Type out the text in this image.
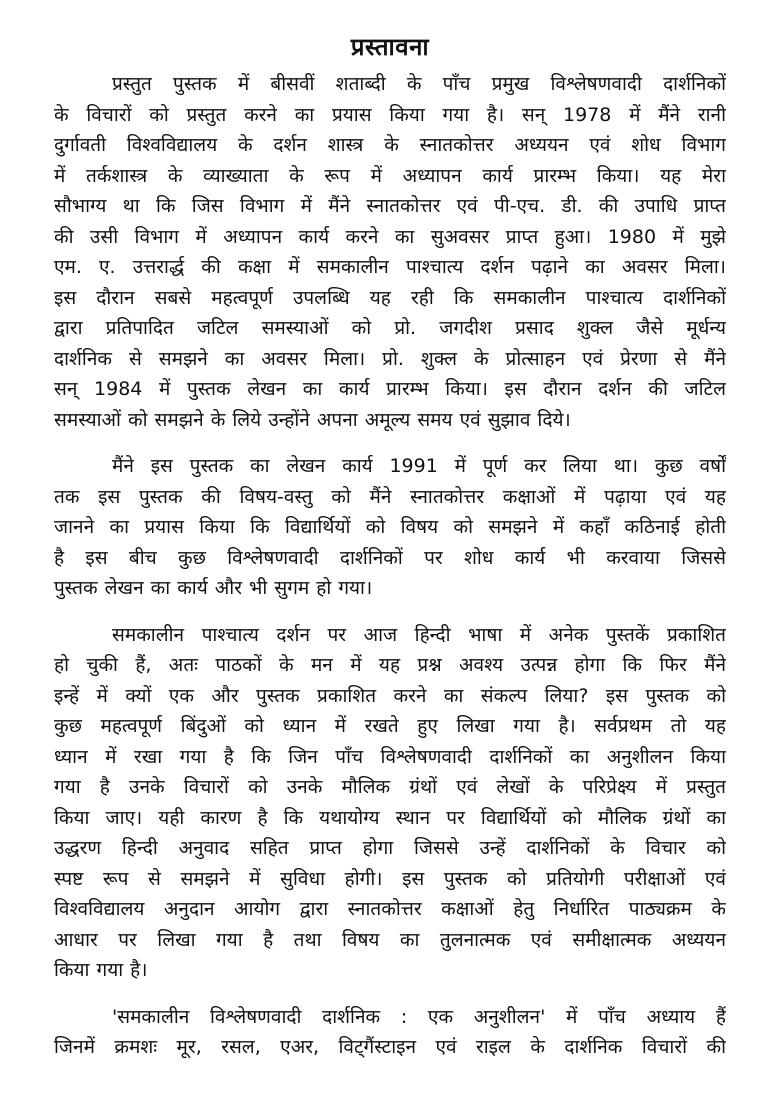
प्रस्तावना
प्रस्तुत पुस्तक में बीसवीं शताब्दी के पाँच प्रमुख विश्लेषणवादी दार्शनिकों
के विचारों को प्रस्तुत करने का प्रयास किया गया है। सन् 1978 में मैंने रानी
दुर्गावती विश्वविद्यालय के दर्शन शास्त्र के स्नातकोत्तर अध्ययन एवं शोध विभाग
में तर्कशास्त्र के व्याख्याता के रूप में अध्यापन कार्य प्रारम्भ किया। यह मेरा
सौभाग्य था कि जिस विभाग में मैंने स्नातकोत्तर एवं पी-एच. डी. की उपाधि प्राप्त
की उसी विभाग में अध्यापन कार्य करने का सुअवसर प्राप्त हुआ। 1980 में मुझे
एम. ए. उत्तरार्द्ध की कक्षा में समकालीन पाश्चात्य दर्शन पढ़ाने का अवसर मिला।
इस दौरान सबसे महत्वपूर्ण उपलब्धि यह रही कि समकालीन पाश्चात्य दार्शनिकों
द्वारा प्रतिपादित जटिल समस्याओं को प्रो. जगदीश प्रसाद शुक्ल जैसे मूर्धन्य
दार्शनिक से समझने का अवसर मिला। प्रो. शुक्ल के प्रोत्साहन एवं प्रेरणा से मैंने
सन् 1984 में पुस्तक लेखन का कार्य प्रारम्भ किया। इस दौरान दर्शन की जटिल
समस्याओं को समझने के लिये उन्होंने अपना अमूल्य समय एवं सुझाव दिये।
मैंने इस पुस्तक का लेखन कार्य 1991 में पूर्ण कर लिया था। कुछ वर्षों
तक इस पुस्तक की विषय-वस्तु को मैंने स्नातकोत्तर कक्षाओं में पढ़ाया एवं यह
जानने का प्रयास किया कि विद्यार्थियों को विषय को समझने में कहाँ कठिनाई होती
है इस बीच कुछ विश्लेषणवादी दार्शनिकों पर शोध कार्य भी करवाया जिससे
पुस्तक लेखन का कार्य और भी सुगम हो गया।
समकालीन पाश्चात्य दर्शन पर आज हिन्दी भाषा में अनेक पुस्तकें प्रकाशित
हो चुकी हैं, अतः पाठकों के मन में यह प्रश्न अवश्य उत्पन्न होगा कि फिर मैंने
इन्हें में क्यों एक और पुस्तक प्रकाशित करने का संकल्प लिया? इस पुस्तक को
कुछ महत्वपूर्ण बिंदुओं को ध्यान में रखते हुए लिखा गया है। सर्वप्रथम तो यह
ध्यान में रखा गया है कि जिन पाँच विश्लेषणवादी दार्शनिकों का अनुशीलन किया
गया है उनके विचारों को उनके मौलिक ग्रंथों एवं लेखों के परिप्रेक्ष्य में प्रस्तुत
किया जाए। यही कारण है कि यथायोग्य स्थान पर विद्यार्थियों को मौलिक ग्रंथों का
उद्धरण हिन्दी अनुवाद सहित प्राप्त होगा जिससे उन्हें दार्शनिकों के विचार को
स्पष्ट रूप से समझने में सुविधा होगी। इस पुस्तक को प्रतियोगी परीक्षाओं एवं
विश्वविद्यालय अनुदान आयोग द्वारा स्नातकोत्तर कक्षाओं हेतु निर्धारित पाठ्यक्रम के
आधार पर लिखा गया है तथा विषय का तुलनात्मक एवं समीक्षात्मक अध्ययन
किया गया है।
'समकालीन विश्लेषणवादी दार्शनिक : एक अनुशीलन' में पाँच अध्याय हैं
जिनमें क्रमशः मूर, रसल, एअर, विट्गैंस्टाइन एवं राइल के दार्शनिक विचारों की
